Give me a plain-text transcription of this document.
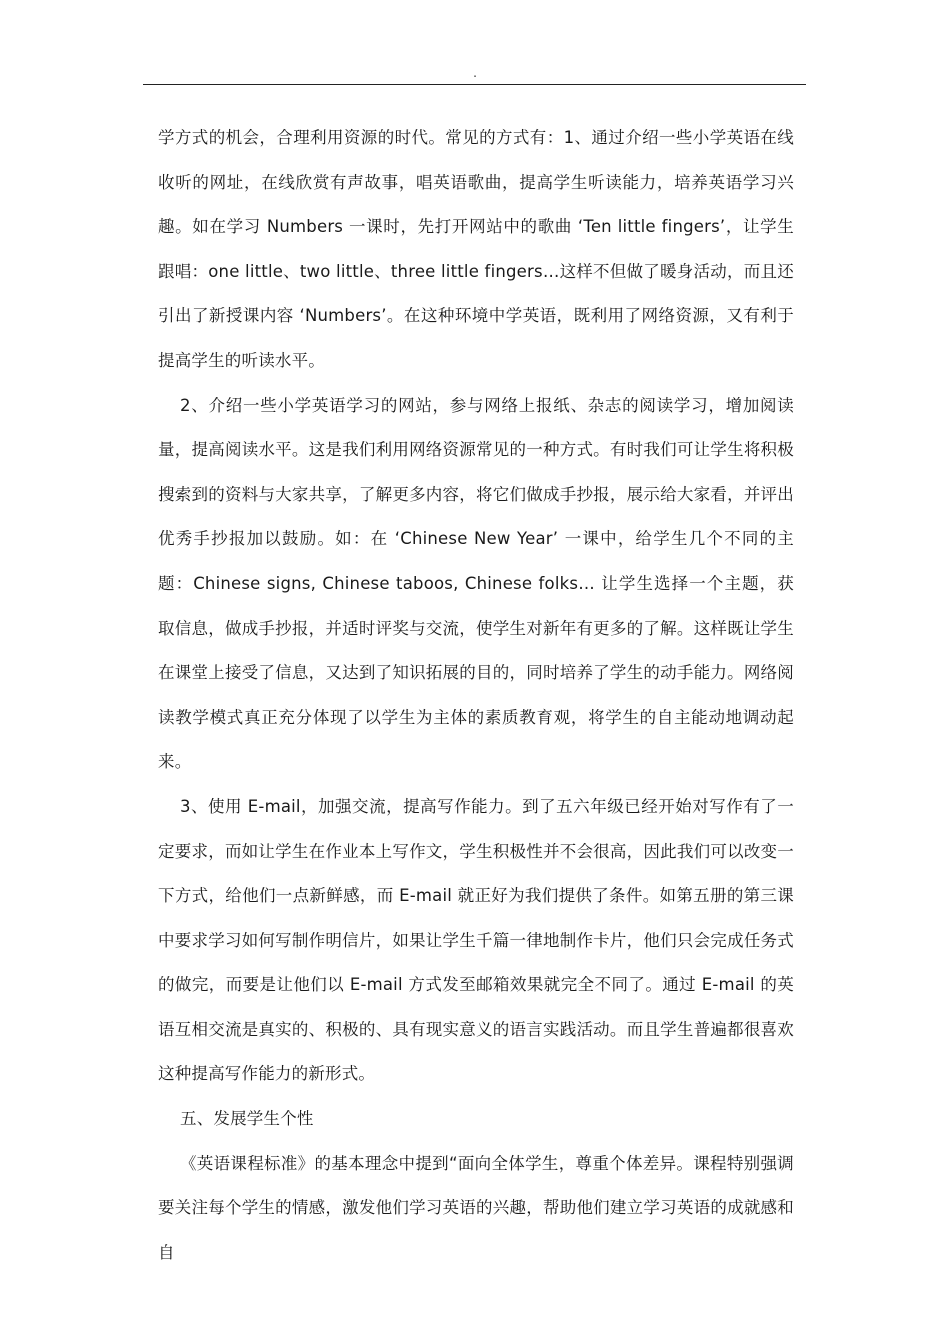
.

学方式的机会，合理利用资源的时代。常见的方式有：1、通过介绍一些小学英语在线收听的网址，在线欣赏有声故事，唱英语歌曲，提高学生听读能力，培养英语学习兴趣。如在学习 Numbers 一课时，先打开网站中的歌曲 ‘Ten little fingers’，让学生跟唱：one little、two little、three little fingers…这样不但做了暖身活动，而且还引出了新授课内容 ‘Numbers’。在这种环境中学英语，既利用了网络资源，又有利于提高学生的听读水平。

2、介绍一些小学英语学习的网站，参与网络上报纸、杂志的阅读学习，增加阅读量，提高阅读水平。这是我们利用网络资源常见的一种方式。有时我们可让学生将积极搜索到的资料与大家共享，了解更多内容，将它们做成手抄报，展示给大家看，并评出优秀手抄报加以鼓励。如：在 ‘Chinese New Year’ 一课中，给学生几个不同的主题：Chinese signs, Chinese taboos, Chinese folks… 让学生选择一个主题，获取信息，做成手抄报，并适时评奖与交流，使学生对新年有更多的了解。这样既让学生在课堂上接受了信息，又达到了知识拓展的目的，同时培养了学生的动手能力。网络阅读教学模式真正充分体现了以学生为主体的素质教育观，将学生的自主能动地调动起来。

3、使用 E-mail，加强交流，提高写作能力。到了五六年级已经开始对写作有了一定要求，而如让学生在作业本上写作文，学生积极性并不会很高，因此我们可以改变一下方式，给他们一点新鲜感，而 E-mail 就正好为我们提供了条件。如第五册的第三课中要求学习如何写制作明信片，如果让学生千篇一律地制作卡片，他们只会完成任务式的做完，而要是让他们以 E-mail 方式发至邮箱效果就完全不同了。通过 E-mail 的英语互相交流是真实的、积极的、具有现实意义的语言实践活动。而且学生普遍都很喜欢这种提高写作能力的新形式。

五、发展学生个性

《英语课程标准》的基本理念中提到“面向全体学生，尊重个体差异。课程特别强调要关注每个学生的情感，激发他们学习英语的兴趣，帮助他们建立学习英语的成就感和自
